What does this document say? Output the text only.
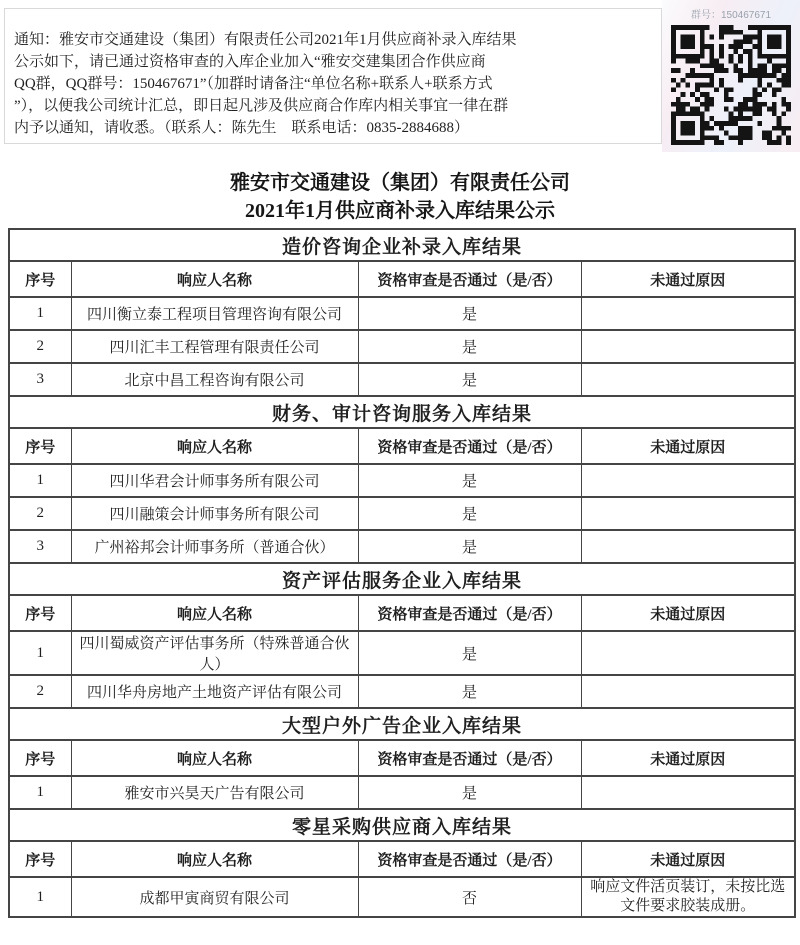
通知：雅安市交通建设（集团）有限责任公司2021年1月供应商补录入库结果
公示如下，请已通过资格审查的入库企业加入“雅安交建集团合作供应商
QQ群，QQ群号：150467671”（加群时请备注“单位名称+联系人+联系方式
”），以便我公司统计汇总，即日起凡涉及供应商合作库内相关事宜一律在群
内予以通知，请收悉。（联系人：陈先生　联系电话：0835-2884688）
群号：150467671
雅安市交通建设（集团）有限责任公司
2021年1月供应商补录入库结果公示
造价咨询企业补录入库结果			
序号	响应人名称	资格审查是否通过（是/否）	未通过原因
1	四川衡立泰工程项目管理咨询有限公司	是	
2	四川汇丰工程管理有限责任公司	是	
3	北京中昌工程咨询有限公司	是	
财务、审计咨询服务入库结果			
序号	响应人名称	资格审查是否通过（是/否）	未通过原因
1	四川华君会计师事务所有限公司	是	
2	四川融策会计师事务所有限公司	是	
3	广州裕邦会计师事务所（普通合伙）	是	
资产评估服务企业入库结果			
序号	响应人名称	资格审查是否通过（是/否）	未通过原因
1	四川蜀威资产评估事务所（特殊普通合伙人）	是	
2	四川华舟房地产土地资产评估有限公司	是	
大型户外广告企业入库结果			
序号	响应人名称	资格审查是否通过（是/否）	未通过原因
1	雅安市兴昊天广告有限公司	是	
零星采购供应商入库结果			
序号	响应人名称	资格审查是否通过（是/否）	未通过原因
1	成都甲寅商贸有限公司	否	响应文件活页装订，未按比选文件要求胶装成册。
